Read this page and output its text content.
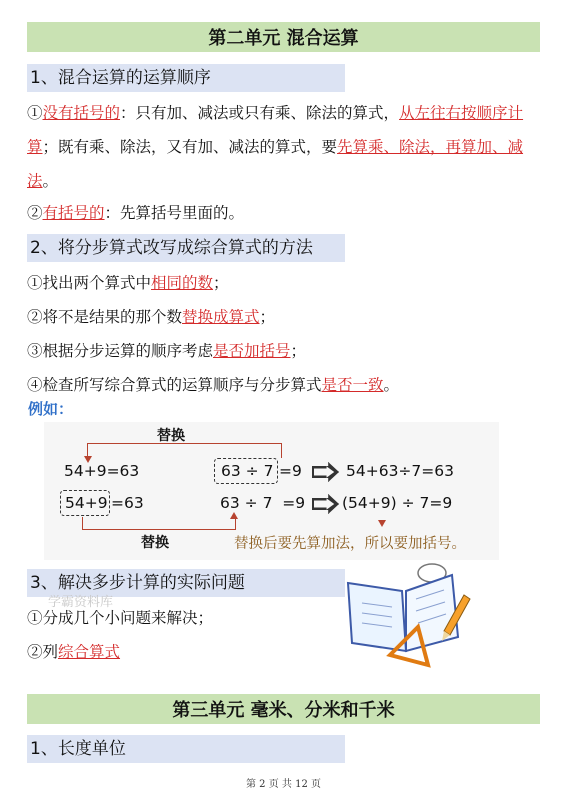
第二单元 混合运算
1、混合运算的运算顺序
①没有括号的：只有加、减法或只有乘、除法的算式，从左往右按顺序计算；既有乘、除法，又有加、减法的算式，要先算乘、除法，再算加、减法。
②有括号的：先算括号里面的。
2、将分步算式改写成综合算式的方法
①找出两个算式中相同的数；
②将不是结果的那个数替换成算式；
③根据分步运算的顺序考虑是否加括号；
④检查所写综合算式的运算顺序与分步算式是否一致。
例如：
替换
54+9=63	63 ÷ 7 =9	54+63÷7=63
54+9 =63	63 ÷ 7  =9 (54+9) ÷ 7=9
替换	替换后要先算加法，所以要加括号。
3、解决多步计算的实际问题
学霸资料库
①分成几个小问题来解决；
②列综合算式
第三单元 毫米、分米和千米
1、长度单位
第 2 页 共 12 页
